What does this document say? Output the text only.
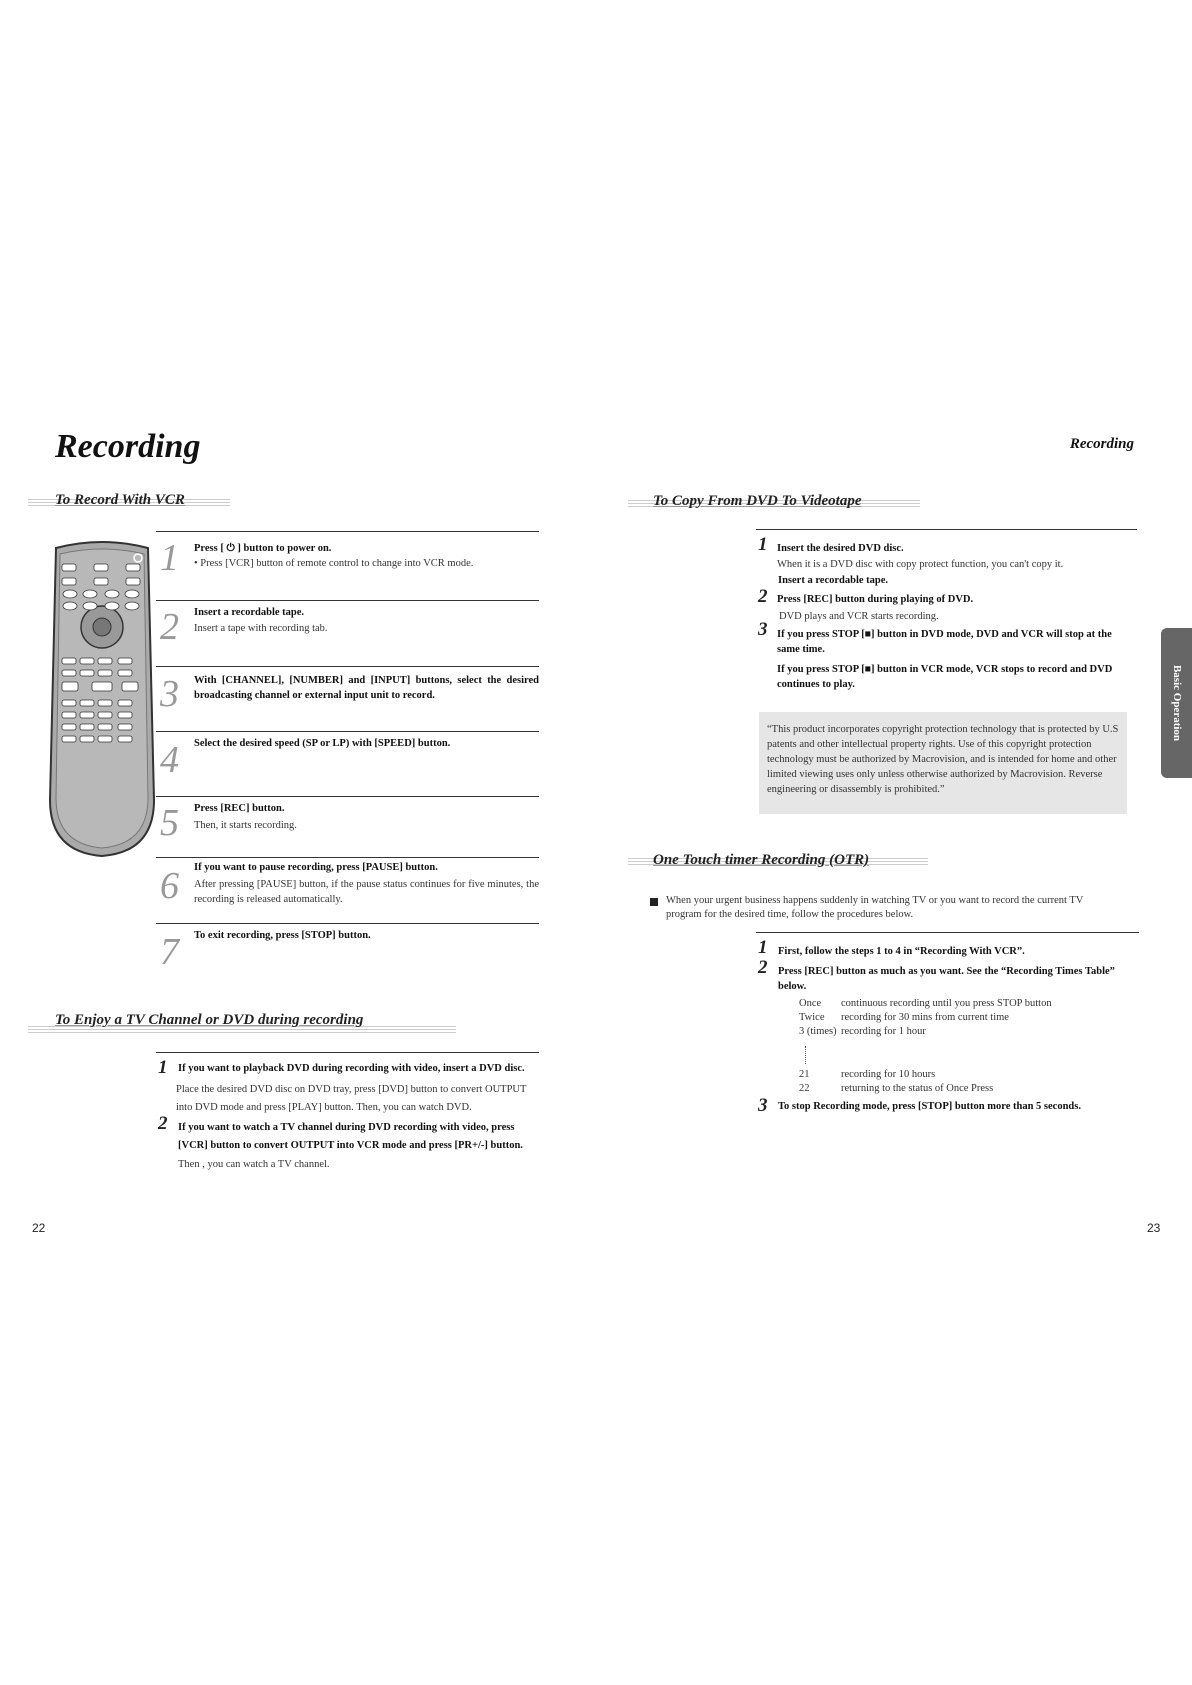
Recording	Recording
To Record With VCR
1 Press [ ⏻ ] button to power on.
• Press [VCR] button of remote control to change into VCR mode.
2 Insert a recordable tape.
Insert a tape with recording tab.
3 With [CHANNEL], [NUMBER] and [INPUT] buttons, select the desired broadcasting channel or external input unit to record.
4 Select the desired speed (SP or LP) with [SPEED] button.
5 Press [REC] button.
Then, it starts recording.
6 If you want to pause recording, press [PAUSE] button.
After pressing [PAUSE] button, if the pause status continues for five minutes, the recording is released automatically.
7 To exit recording, press [STOP] button.
To Enjoy a TV Channel or DVD during recording
1 If you want to playback DVD during recording with video, insert a DVD disc.
Place the desired DVD disc on DVD tray, press [DVD] button to convert OUTPUT into DVD mode and press [PLAY] button. Then, you can watch DVD.
2 If you want to watch a TV channel during DVD recording with video, press [VCR] button to convert OUTPUT into VCR mode and press [PR+/-] button.
Then , you can watch a TV channel.
To Copy From DVD To Videotape
1 Insert the desired DVD disc.
When it is a DVD disc with copy protect function, you can't copy it.
Insert a recordable tape.
2 Press [REC] button during playing of DVD.
DVD plays and VCR starts recording.
3 If you press STOP [■] button in DVD mode, DVD and VCR will stop at the same time.
If you press STOP [■] button in VCR mode, VCR stops to record and DVD continues to play.
“This product incorporates copyright protection technology that is protected by U.S patents and other intellectual property rights. Use of this copyright protection technology must be authorized by Macrovision, and is intended for home and other limited viewing uses only unless otherwise authorized by Macrovision. Reverse engineering or disassembly is prohibited.”
One Touch timer Recording (OTR)
When your urgent business happens suddenly in watching TV or you want to record the current TV program for the desired time, follow the procedures below.
1 First, follow the steps 1 to 4 in “Recording With VCR”.
2 Press [REC] button as much as you want. See the “Recording Times Table” below.
Once	continuous recording until you press STOP button
Twice	recording for 30 mins from current time
3 (times) recording for 1 hour
21	recording for 10 hours
22	returning to the status of Once Press
3 To stop Recording mode, press [STOP] button more than 5 seconds.
Basic Operation
22	23
